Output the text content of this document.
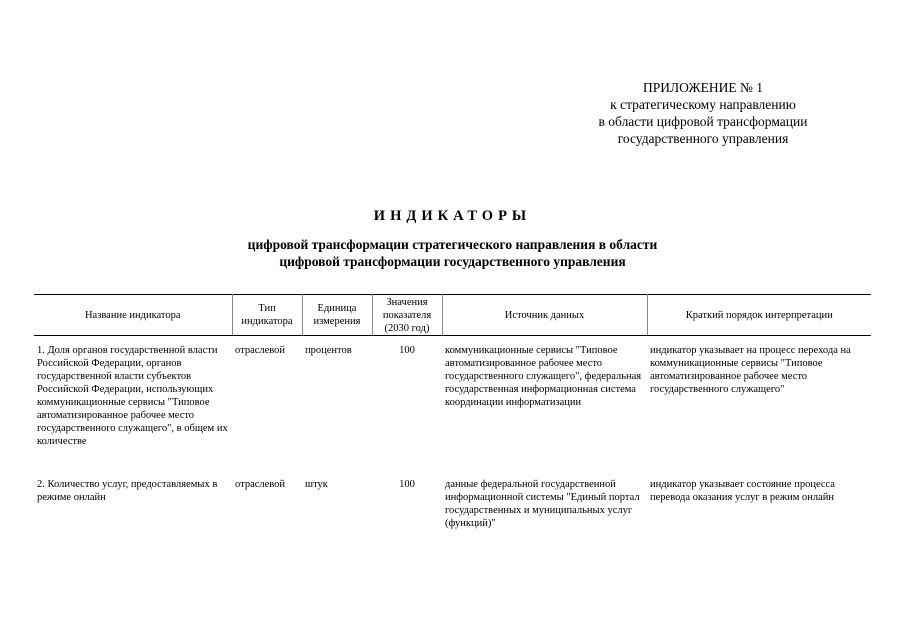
ПРИЛОЖЕНИЕ № 1
к стратегическому направлению
в области цифровой трансформации
государственного управления
ИНДИКАТОРЫ
цифровой трансформации стратегического направления в области
цифровой трансформации государственного управления
Название индикатора	Тип индикатора	Единица измерения	Значения показателя (2030 год)	Источник данных	Краткий порядок интерпретации
1. Доля органов государственной власти Российской Федерации, органов государственной власти субъектов Российской Федерации, использующих коммуникационные сервисы "Типовое автоматизированное рабочее место государственного служащего", в общем их количестве	отраслевой	процентов	100	коммуникационные сервисы "Типовое автоматизированное рабочее место государственного служащего", федеральная государственная информационная система координации информатизации	индикатор указывает на процесс перехода на коммуникационные сервисы "Типовое автоматизированное рабочее место государственного служащего"
2. Количество услуг, предоставляемых в режиме онлайн	отраслевой	штук	100	данные федеральной государственной информационной системы "Единый портал государственных и муниципальных услуг (функций)"	индикатор указывает состояние процесса перевода оказания услуг в режим онлайн
